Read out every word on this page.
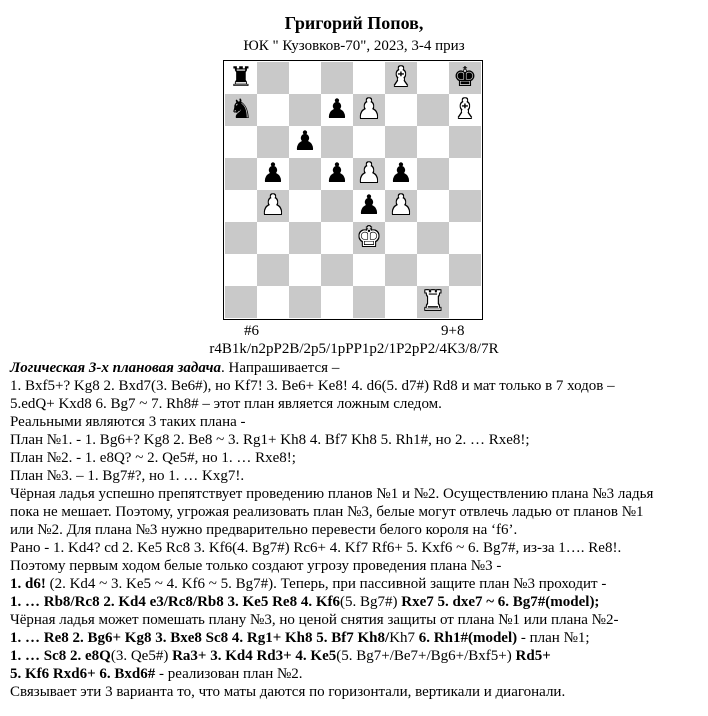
Григорий Попов,
ЮК " Кузовков-70", 2023, 3-4 приз
♜	♝ ♚
♞	♟ ♟	♝
♟
♟ ♟ ♟ ♟
♟	♟ ♟
♚
♜
#6	9+8
r4B1k/n2pP2B/2p5/1pPP1p2/1P2pP2/4K3/8/7R

Логическая 3-х плановая задача. Напрашивается –

1. Bxf5+? Kg8 2. Bxd7(3. Be6#), но Kf7! 3. Be6+ Ke8! 4. d6(5. d7#) Rd8 и мат только в 7 ходов –

5.edQ+ Kxd8 6. Bg7 ~ 7. Rh8# – этот план является ложным следом.

Реальными являются 3 таких плана -

План №1. - 1. Bg6+? Kg8 2. Be8 ~ 3. Rg1+ Kh8 4. Bf7 Kh8 5. Rh1#, но 2. … Rxe8!;

План №2. - 1. e8Q? ~ 2. Qe5#, но 1. … Rxe8!;

План №3. – 1. Bg7#?, но 1. … Kxg7!.

Чёрная ладья успешно препятствует проведению планов №1 и №2. Осуществлению плана №3 ладья

пока не мешает. Поэтому, угрожая реализовать план №3, белые могут отвлечь ладью от планов №1

или №2. Для плана №3 нужно предварительно перевести белого короля на ‘f6’.

Рано - 1. Kd4? cd 2. Ke5 Rc8 3. Kf6(4. Bg7#) Rc6+ 4. Kf7 Rf6+ 5. Kxf6 ~ 6. Bg7#, из-за 1…. Re8!.

Поэтому первым ходом белые только создают угрозу проведения плана №3 -

1. d6! (2. Kd4 ~ 3. Ke5 ~ 4. Kf6 ~ 5. Bg7#). Теперь, при пассивной защите план №3 проходит -

1. … Rb8/Rc8 2. Kd4 e3/Rc8/Rb8 3. Ke5 Re8 4. Kf6(5. Bg7#) Rxe7 5. dxe7 ~ 6. Bg7#(model);

Чёрная ладья может помешать плану №3, но ценой снятия защиты от плана №1 или плана №2-

1. … Re8 2. Bg6+ Kg8 3. Bxe8 Sc8 4. Rg1+ Kh8 5. Bf7 Kh8/Kh7 6. Rh1#(model) - план №1;

1. … Sc8 2. e8Q(3. Qe5#) Ra3+ 3. Kd4 Rd3+ 4. Ke5(5. Bg7+/Be7+/Bg6+/Bxf5+) Rd5+

5. Kf6 Rxd6+ 6. Bxd6# - реализован план №2.

Связывает эти 3 варианта то, что маты даются по горизонтали, вертикали и диагонали.
